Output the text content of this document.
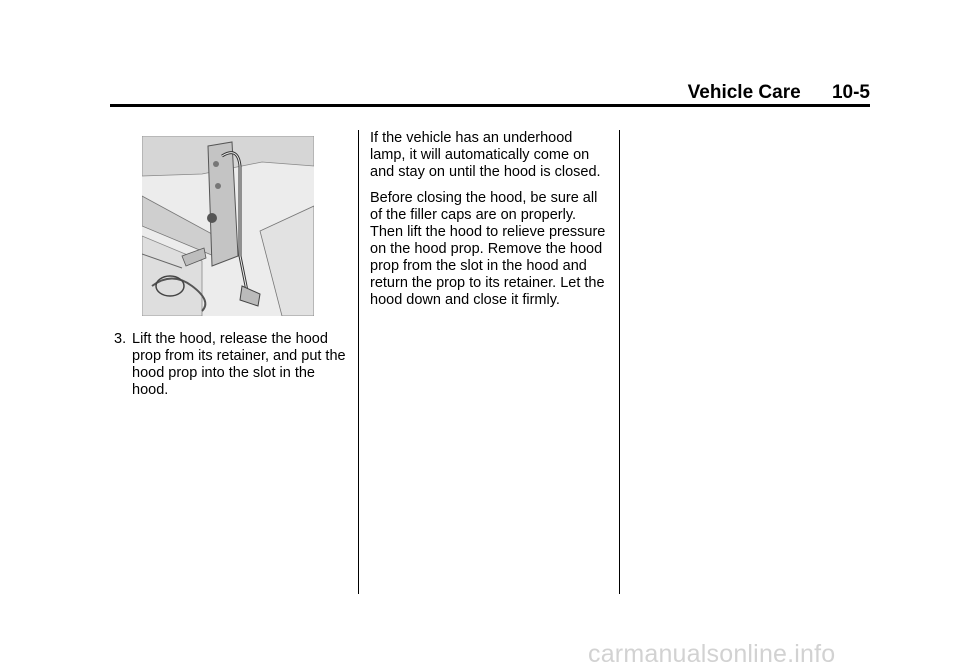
Vehicle Care 10-5
3. Lift the hood, release the hood prop from its retainer, and put the hood prop into the slot in the hood.

If the vehicle has an underhood lamp, it will automatically come on and stay on until the hood is closed.

Before closing the hood, be sure all of the filler caps are on properly. Then lift the hood to relieve pressure on the hood prop. Remove the hood prop from the slot in the hood and return the prop to its retainer. Let the hood down and close it firmly.

carmanualsonline.info
